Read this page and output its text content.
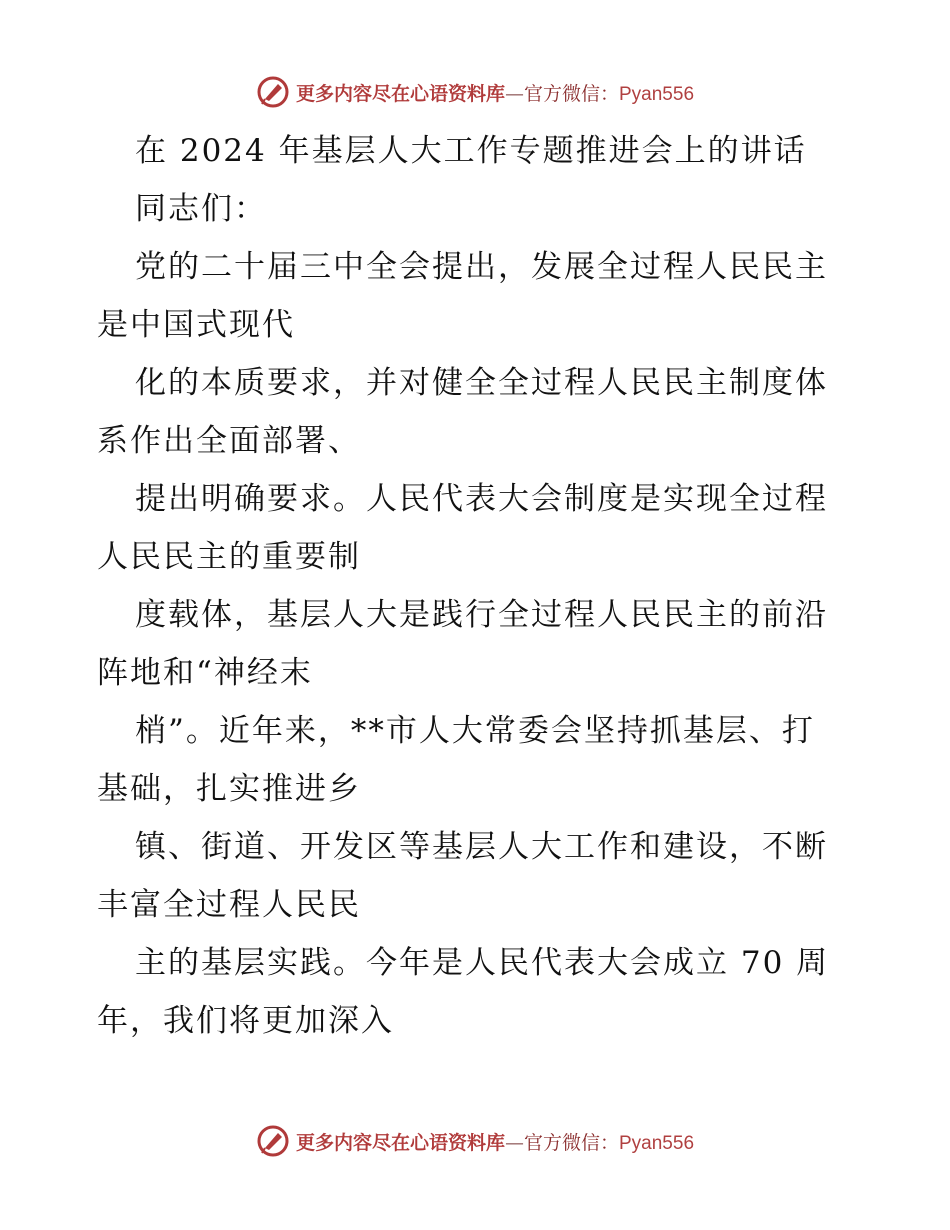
更多内容尽在心语资料库—官方微信：Pyan556
在 2024 年基层人大工作专题推进会上的讲话
同志们：
党的二十届三中全会提出，发展全过程人民民主
是中国式现代
化的本质要求，并对健全全过程人民民主制度体
系作出全面部署、
提出明确要求。人民代表大会制度是实现全过程
人民民主的重要制
度载体，基层人大是践行全过程人民民主的前沿
阵地和“神经末
梢”。近年来，**市人大常委会坚持抓基层、打
基础，扎实推进乡
镇、街道、开发区等基层人大工作和建设，不断
丰富全过程人民民
主的基层实践。今年是人民代表大会成立 70 周
年，我们将更加深入
更多内容尽在心语资料库—官方微信：Pyan556
